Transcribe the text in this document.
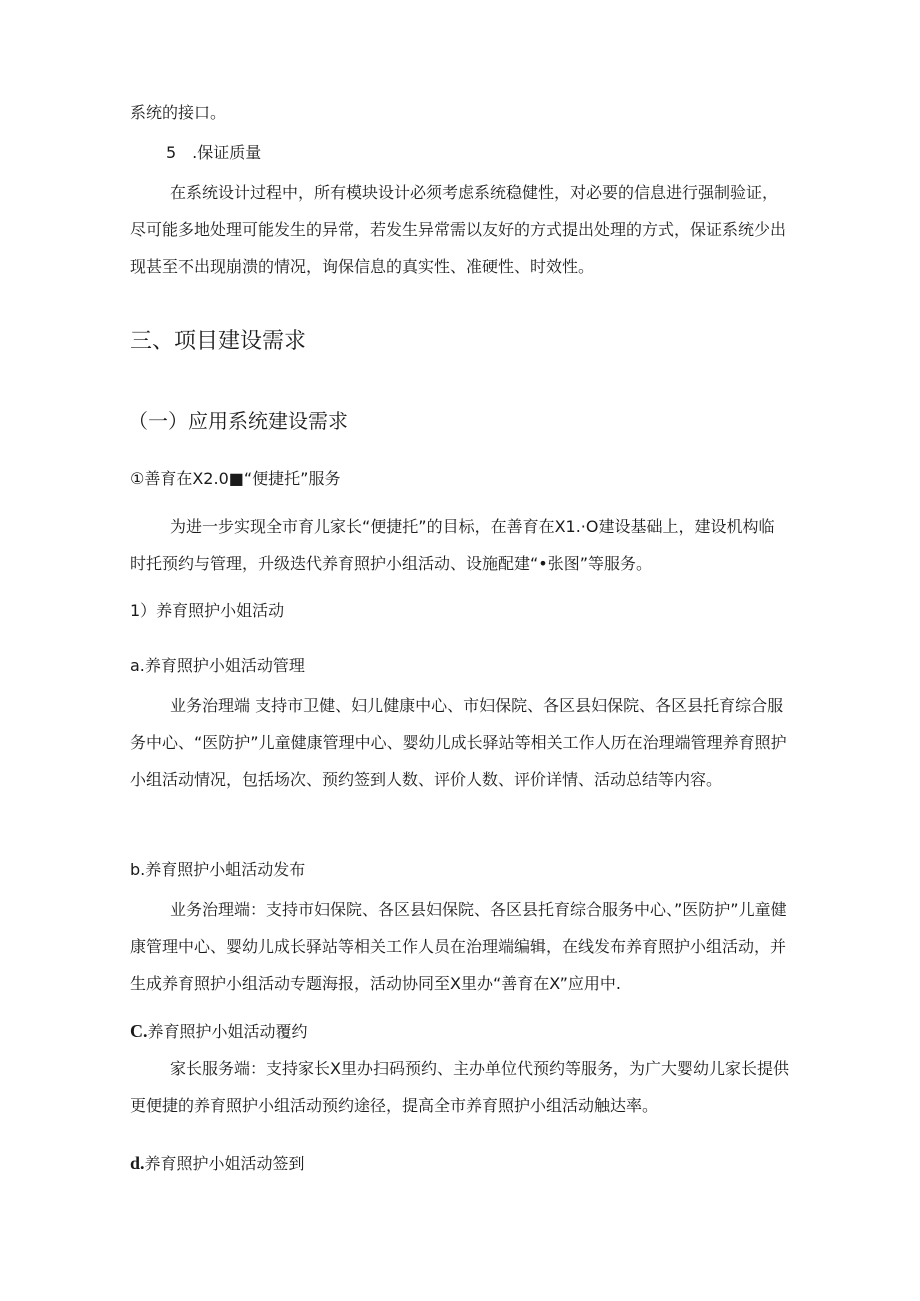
系统的接口。

5　.保证质量

在系统设计过程中，所有模块设计必须考虑系统稳健性，对必要的信息进行强制验证，尽可能多地处理可能发生的异常，若发生异常需以友好的方式提出处理的方式，保证系统少出现甚至不出现崩溃的情况，询保信息的真实性、准硬性、时效性。

三、项目建设需求
（一）应用系统建设需求

①善育在X2.0■“便捷托”服务

为进一步实现全市育儿家长“便捷托”的目标，在善育在X1.·O建设基础上，建设机构临时托预约与管理，升级迭代养育照护小组活动、设施配建“•张图”等服务。

1）养育照护小姐活动

a.养育照护小姐活动管理

业务治理端 支持市卫健、妇儿健康中心、市妇保院、各区县妇保院、各区县托育综合服务中心、“医防护”儿童健康管理中心、婴幼儿成长驿站等相关工作人历在治理端管理养育照护小组活动情况，包括场次、预约签到人数、评价人数、评价详情、活动总结等内容。

b.养育照护小蛆活动发布

业务治理端：支持市妇保院、各区县妇保院、各区县托育综合服务中心、”医防护”儿童健康管理中心、婴幼儿成长驿站等相关工作人员在治理端编辑，在线发布养育照护小组活动，并生成养育照护小组活动专题海报，活动协同至X里办“善育在X”应用中.

C.养育照护小姐活动覆约

家长服务端：支持家长X里办扫码预约、主办单位代预约等服务，为广大婴幼儿家长提供更便捷的养育照护小组活动预约途径，提高全市养育照护小组活动触达率。

d.养育照护小姐活动签到
